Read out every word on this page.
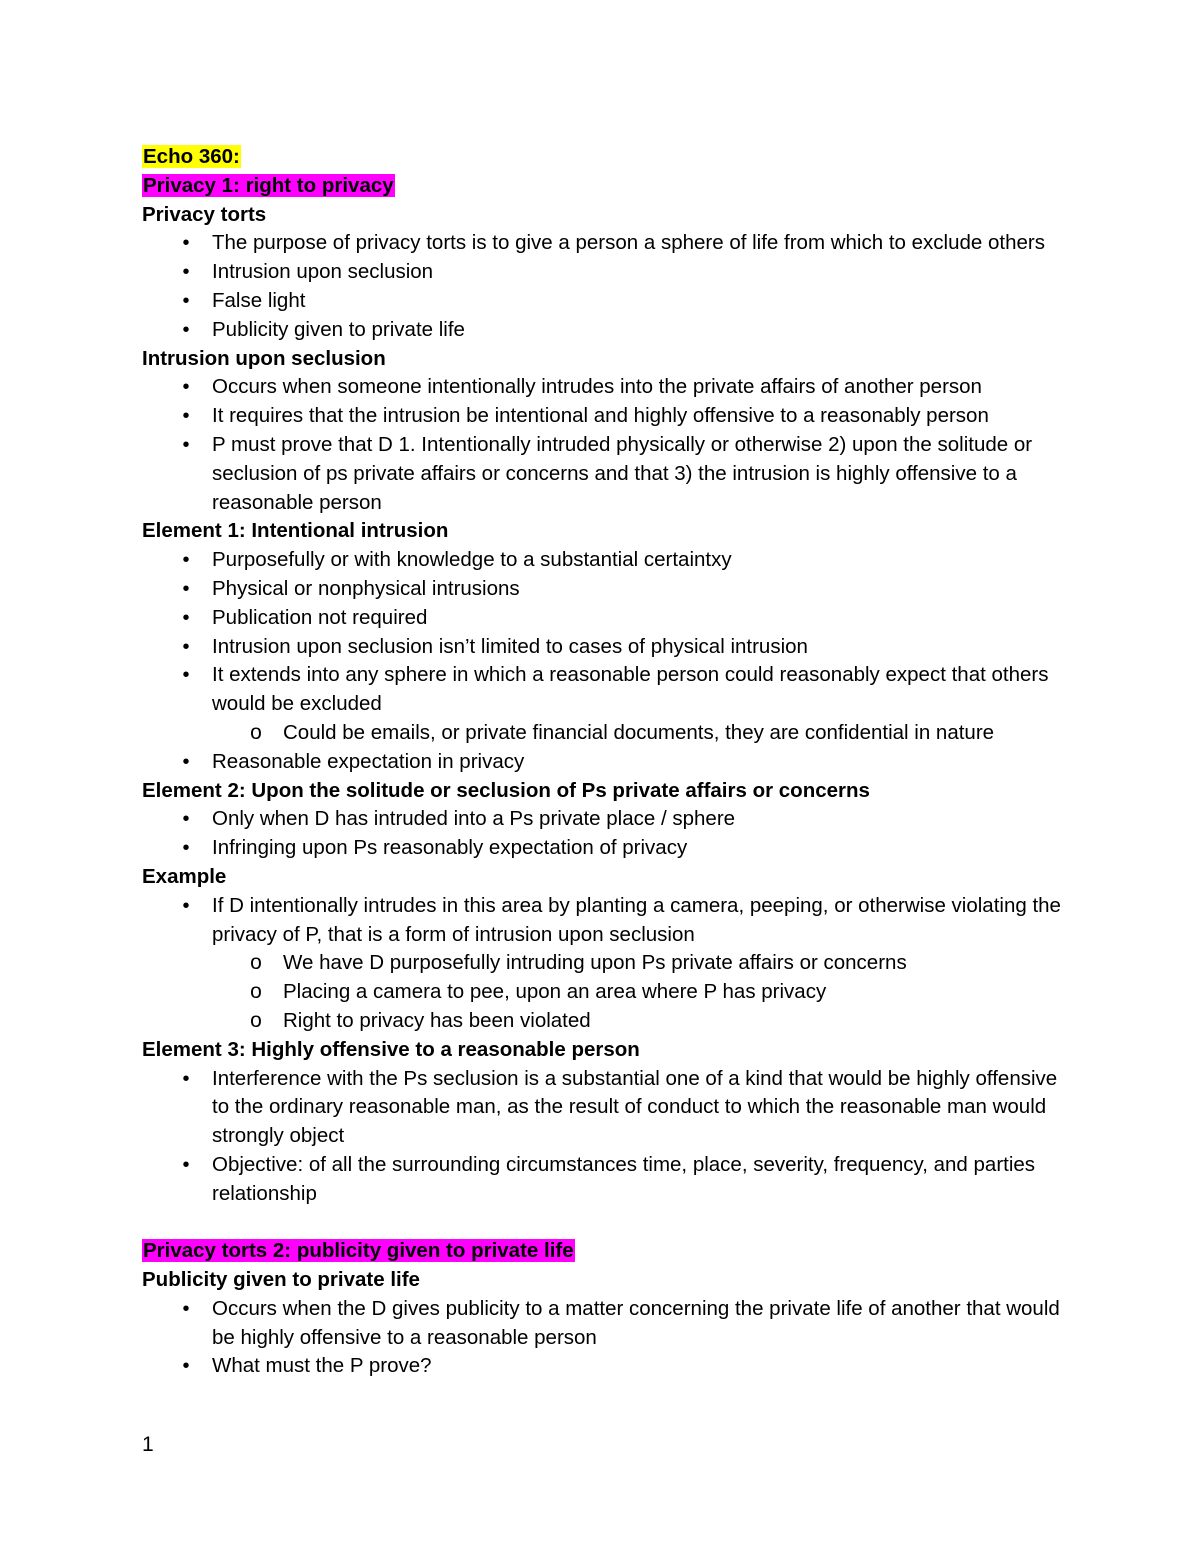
Echo 360:
Privacy 1: right to privacy
Privacy torts
•	The purpose of privacy torts is to give a person a sphere of life from which to exclude others
•	Intrusion upon seclusion
•	False light
•	Publicity given to private life
Intrusion upon seclusion
•	Occurs when someone intentionally intrudes into the private affairs of another person
•	It requires that the intrusion be intentional and highly offensive to a reasonably person
•	P must prove that D 1. Intentionally intruded physically or otherwise 2) upon the solitude or seclusion of ps private affairs or concerns and that 3) the intrusion is highly offensive to a reasonable person
Element 1: Intentional intrusion
•	Purposefully or with knowledge to a substantial certaintxy
•	Physical or nonphysical intrusions
•	Publication not required
•	Intrusion upon seclusion isn’t limited to cases of physical intrusion
•	It extends into any sphere in which a reasonable person could reasonably expect that others would be excluded
o Could be emails, or private financial documents, they are confidential in nature
•	Reasonable expectation in privacy
Element 2: Upon the solitude or seclusion of Ps private affairs or concerns
•	Only when D has intruded into a Ps private place / sphere
•	Infringing upon Ps reasonably expectation of privacy
Example
•	If D intentionally intrudes in this area by planting a camera, peeping, or otherwise violating the privacy of P, that is a form of intrusion upon seclusion
o We have D purposefully intruding upon Ps private affairs or concerns
o Placing a camera to pee, upon an area where P has privacy
o Right to privacy has been violated
Element 3: Highly offensive to a reasonable person
•	Interference with the Ps seclusion is a substantial one of a kind that would be highly offensive to the ordinary reasonable man, as the result of conduct to which the reasonable man would strongly object
•	Objective: of all the surrounding circumstances time, place, severity, frequency, and parties relationship
Privacy torts 2: publicity given to private life
Publicity given to private life
•	Occurs when the D gives publicity to a matter concerning the private life of another that would be highly offensive to a reasonable person
•	What must the P prove?
1
